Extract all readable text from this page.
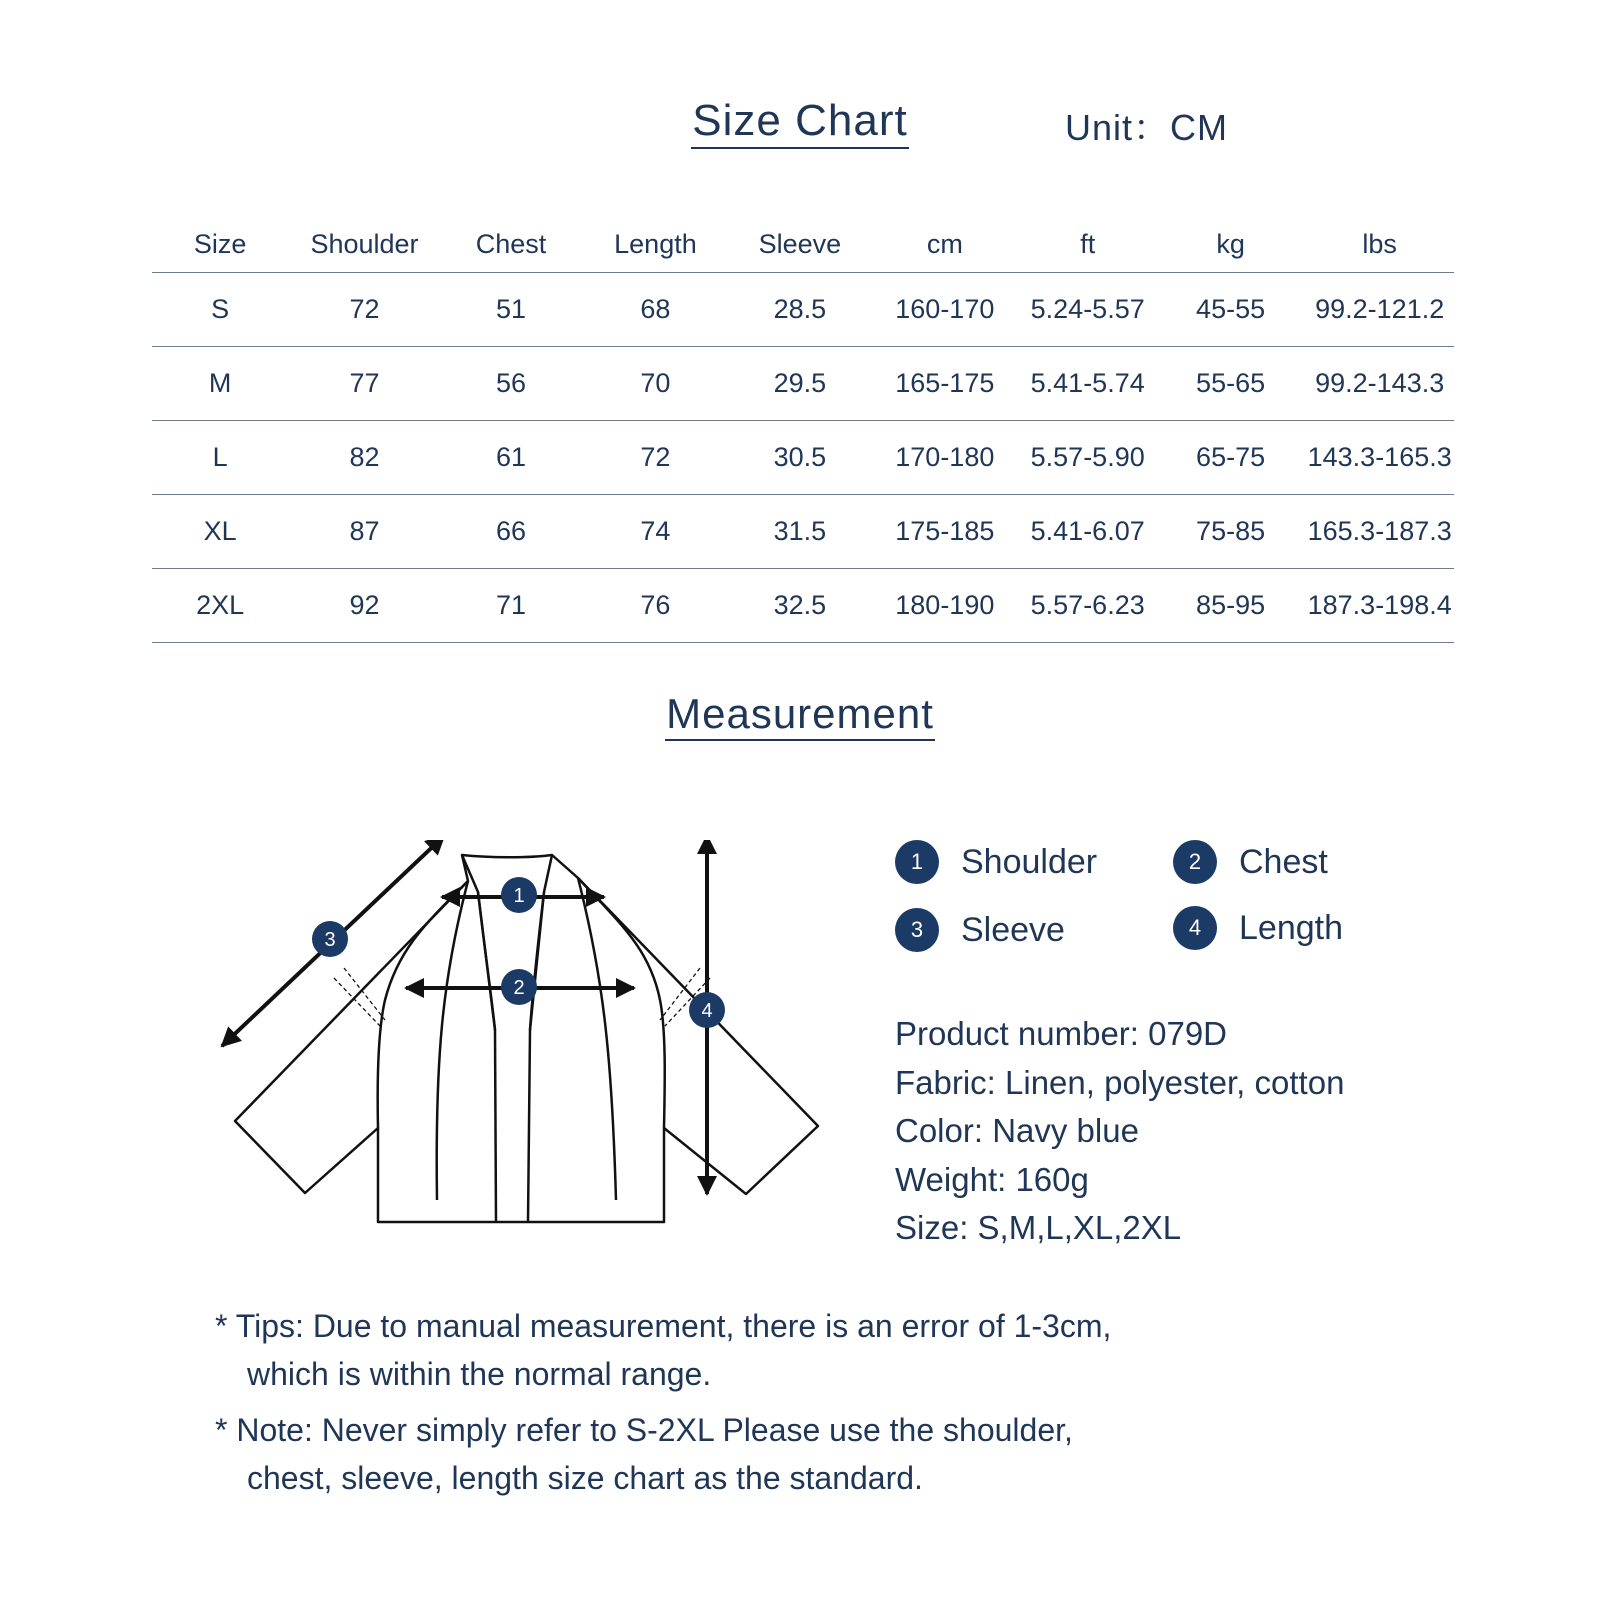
Size Chart	Unit：CM
Size	Shoulder	Chest	Length	Sleeve	cm	ft	kg	lbs
S	72	51	68	28.5	160-170	5.24-5.57	45-55	99.2-121.2
M	77	56	70	29.5	165-175	5.41-5.74	55-65	99.2-143.3
L	82	61	72	30.5	170-180	5.57-5.90	65-75	143.3-165.3
XL	87	66	74	31.5	175-185	5.41-6.07	75-85	165.3-187.3
2XL	92	71	76	32.5	180-190	5.57-6.23	85-95	187.3-198.4
Measurement
1
2
3
4
1	Shoulder	2	Chest
3	Sleeve	4	Length
Product number: 079D
Fabric: Linen, polyester, cotton
Color: Navy blue
Weight: 160g
Size: S,M,L,XL,2XL
* Tips: Due to manual measurement, there is an error of 1-3cm,
which is within the normal range.
* Note: Never simply refer to S-2XL Please use the shoulder,
chest, sleeve, length size chart as the standard.
